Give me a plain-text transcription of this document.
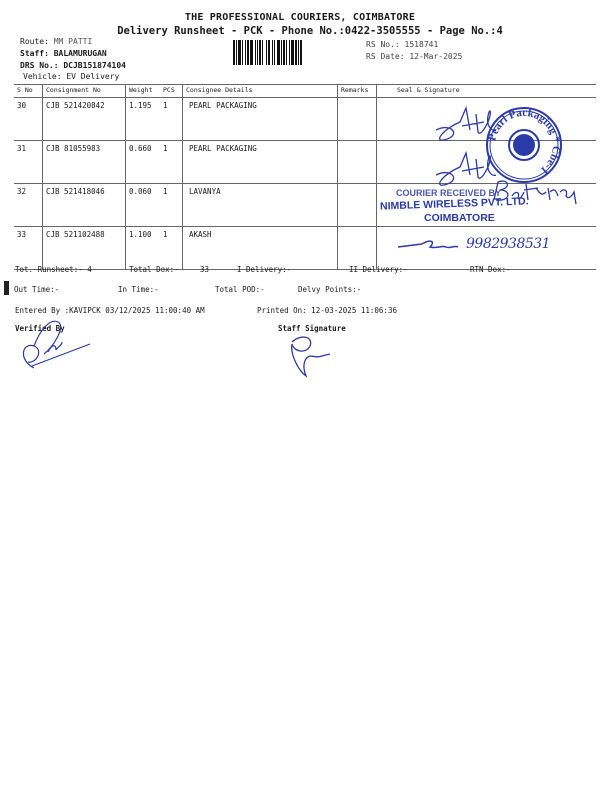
THE PROFESSIONAL COURIERS, COIMBATORE
Delivery Runsheet - PCK - Phone No.:0422-3505555 - Page No.:4
Route: MM PATTI
Staff: BALAMURUGAN
DRS No.: DCJB151874104
Vehicle: EV Delivery
RS No.: 1518741
RS Date: 12-Mar-2025
S No	Consignment No	Weight	PCS	Consignee Details	Remarks	Seal & Signature
30	CJB 521420842	1.195	1	PEARL PACKAGING		
31	CJB 81055983	0.660	1	PEARL PACKAGING		
32	CJB 521418046	0.060	1	LAVANYA		
33	CJB 521102488	1.100	1	AKASH		
Pearl Packaging * Cbe-1
COURIER RECEIVED BY
NIMBLE WIRELESS PVT. LTD.
COIMBATORE
9982938531
Tot. Runsheet:- 4	Total Dox:-	33	I Delivery:-	II Delivery:-	RTN Dox:-
Out Time:-	In Time:-	Total POD:-	Delvy Points:-
Entered By :KAVIPCK 03/12/2025 11:00:40 AM	Printed On: 12-03-2025 11:06:36
Verified By	Staff Signature
